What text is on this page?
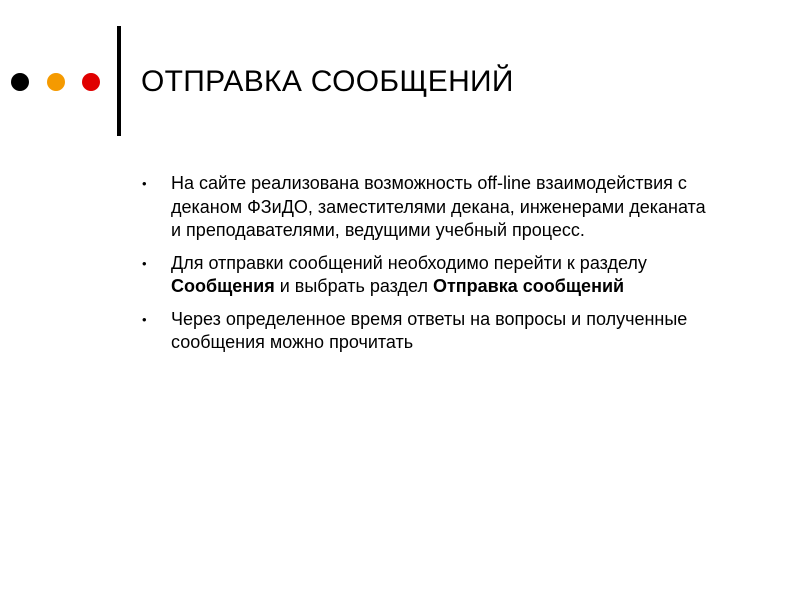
ОТПРАВКА СООБЩЕНИЙ
• На сайте реализована возможность off-line взаимодействия с деканом ФЗиДО, заместителями декана, инженерами деканата и преподавателями, ведущими учебный процесс.
• Для отправки сообщений необходимо перейти к разделу Сообщения и выбрать раздел Отправка сообщений
• Через определенное время ответы на вопросы и полученные сообщения можно прочитать
